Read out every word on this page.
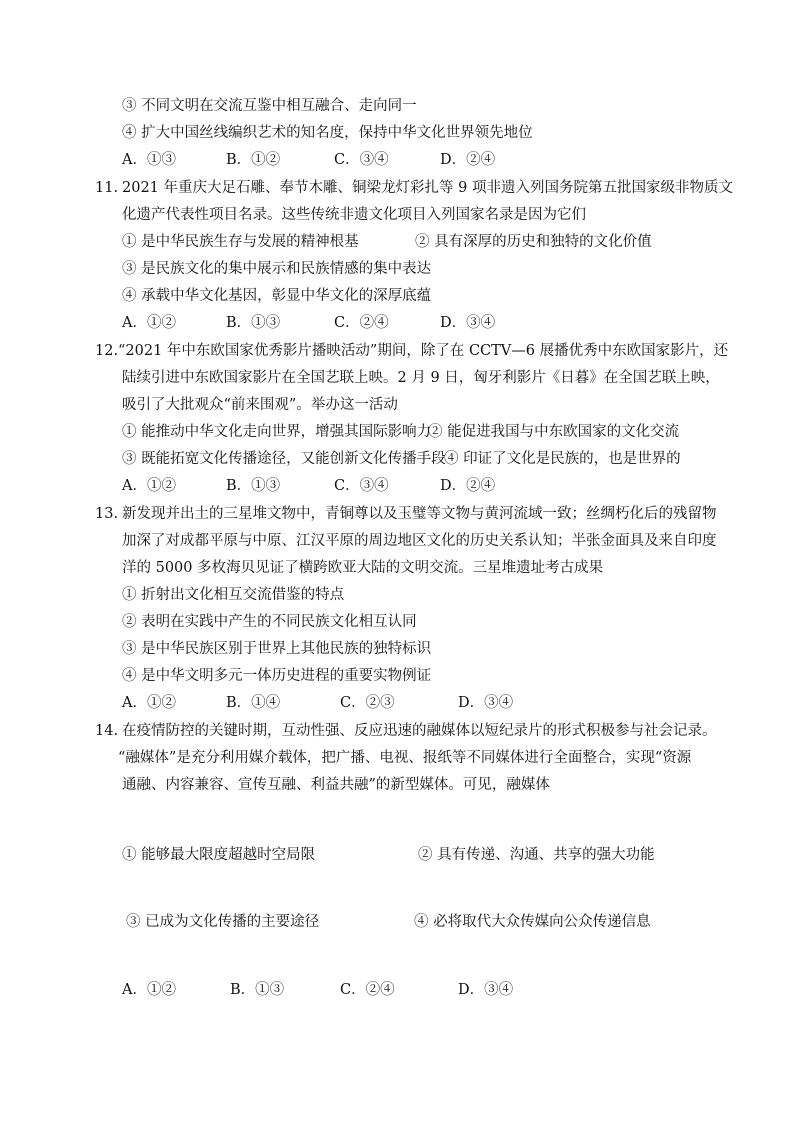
③ 不同文明在交流互鉴中相互融合、走向同一
④ 扩大中国丝线编织艺术的知名度，保持中华文化世界领先地位
A．①③	B．①②	C．③④	D．②④
11. 2021 年重庆大足石雕、奉节木雕、铜梁龙灯彩扎等 9 项非遗入列国务院第五批国家级非物质文
化遗产代表性项目名录。这些传统非遗文化项目入列国家名录是因为它们
① 是中华民族生存与发展的精神根基	② 具有深厚的历史和独特的文化价值
③ 是民族文化的集中展示和民族情感的集中表达
④ 承载中华文化基因，彰显中华文化的深厚底蕴
A．①②	B．①③	C．②④	D．③④
12. “2021 年中东欧国家优秀影片播映活动”期间，除了在 CCTV—6 展播优秀中东欧国家影片，还
陆续引进中东欧国家影片在全国艺联上映。2 月 9 日，匈牙利影片《日暮》在全国艺联上映，
吸引了大批观众“前来围观”。举办这一活动
① 能推动中华文化走向世界，增强其国际影响力
② 能促进我国与中东欧国家的文化交流
③ 既能拓宽文化传播途径，又能创新文化传播手段
④ 印证了文化是民族的，也是世界的
A．①②	B．①③	C．③④	D．②④
13. 新发现并出土的三星堆文物中，青铜尊以及玉璧等文物与黄河流域一致；丝绸朽化后的残留物
加深了对成都平原与中原、江汉平原的周边地区文化的历史关系认知；半张金面具及来自印度
洋的 5000 多枚海贝见证了横跨欧亚大陆的文明交流。三星堆遗址考古成果
① 折射出文化相互交流借鉴的特点
② 表明在实践中产生的不同民族文化相互认同
③ 是中华民族区别于世界上其他民族的独特标识
④ 是中华文明多元一体历史进程的重要实物例证
A．①②	B．①④	C．②③	D．③④
14. 在疫情防控的关键时期，互动性强、反应迅速的融媒体以短纪录片的形式积极参与社会记录。
“融媒体”是充分利用媒介载体，把广播、电视、报纸等不同媒体进行全面整合，实现“资源
通融、内容兼容、宣传互融、利益共融”的新型媒体。可见，融媒体
① 能够最大限度超越时空局限	② 具有传递、沟通、共享的强大功能
③ 已成为文化传播的主要途径	④ 必将取代大众传媒向公众传递信息
A．①②	B．①③	C．②④	D．③④
